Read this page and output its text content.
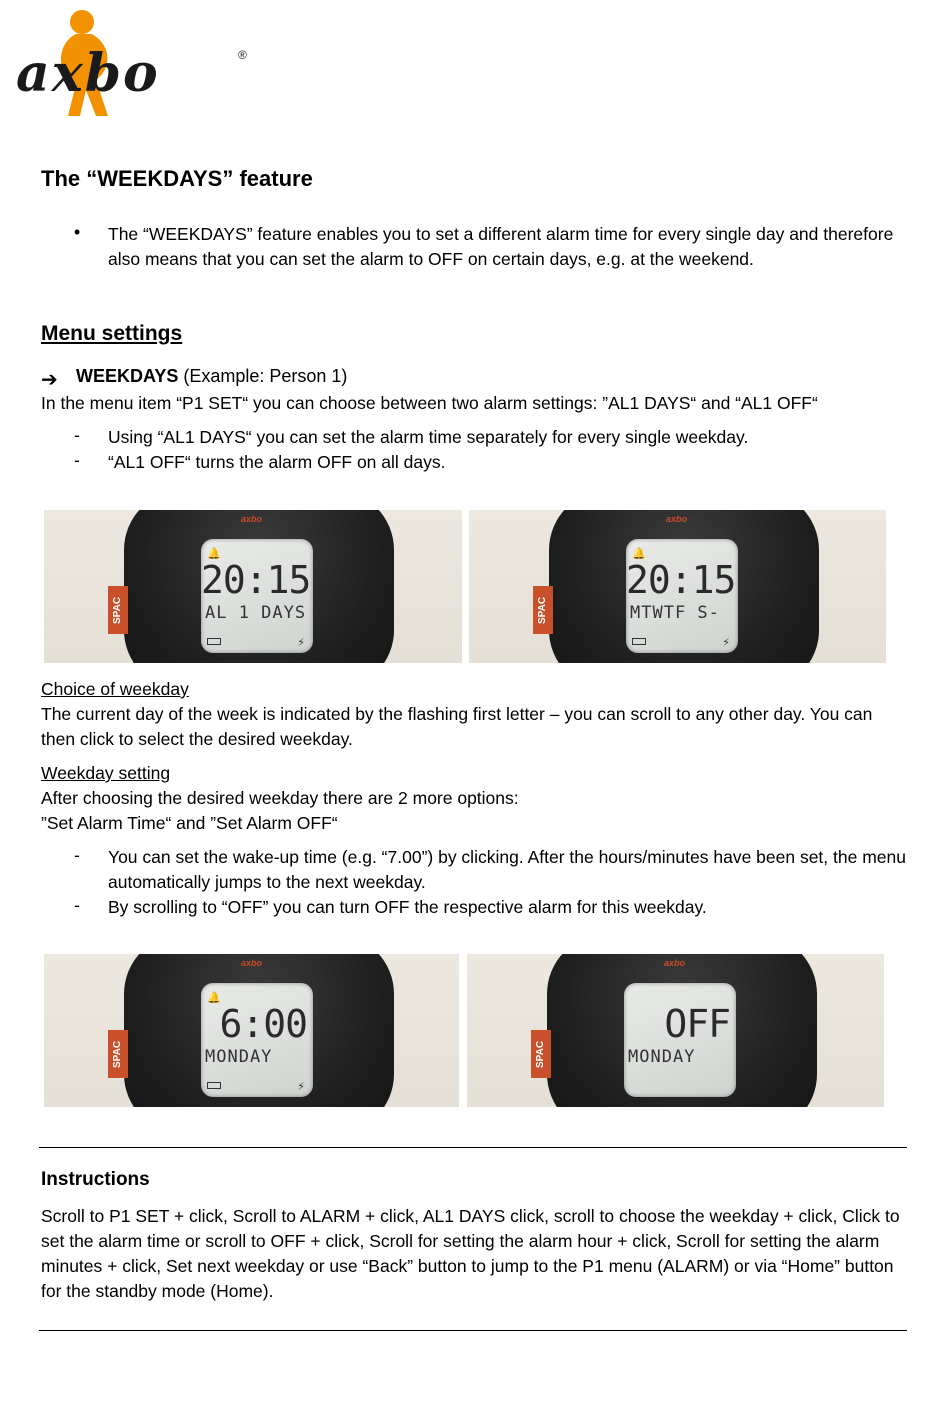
axbo	®
The “WEEKDAYS” feature
• The “WEEKDAYS” feature enables you to set a different alarm time for every single day and therefore also means that you can set the alarm to OFF on certain days, e.g. at the weekend.
Menu settings
➔ WEEKDAYS (Example: Person 1)
In the menu item “P1 SET“ you can choose between two alarm settings: ”AL1 DAYS“ and “AL1 OFF“
- Using “AL1 DAYS“ you can set the alarm time separately for every single weekday.
- “AL1 OFF“ turns the alarm OFF on all days.
axbo
SPAC
🔔
20:15
AL 1 DAYS
⚡
axbo
SPAC
🔔
20:15
MTWTF S-
⚡
Choice of weekday
The current day of the week is indicated by the flashing first letter – you can scroll to any other day. You can then click to select the desired weekday.
Weekday setting
After choosing the desired weekday there are 2 more options:
”Set Alarm Time“ and ”Set Alarm OFF“
- You can set the wake-up time (e.g. “7.00”) by clicking. After the hours/minutes have been set, the menu automatically jumps to the next weekday.
- By scrolling to “OFF” you can turn OFF the respective alarm for this weekday.
axbo
SPAC
🔔
6:00
MONDAY
⚡
axbo
SPAC
OFF
MONDAY
Instructions
Scroll to P1 SET + click, Scroll to ALARM + click, AL1 DAYS click, scroll to choose the weekday + click, Click to set the alarm time or scroll to OFF + click, Scroll for setting the alarm hour + click, Scroll for setting the alarm minutes + click, Set next weekday or use “Back” button to jump to the P1 menu (ALARM) or via “Home” button for the standby mode (Home).
